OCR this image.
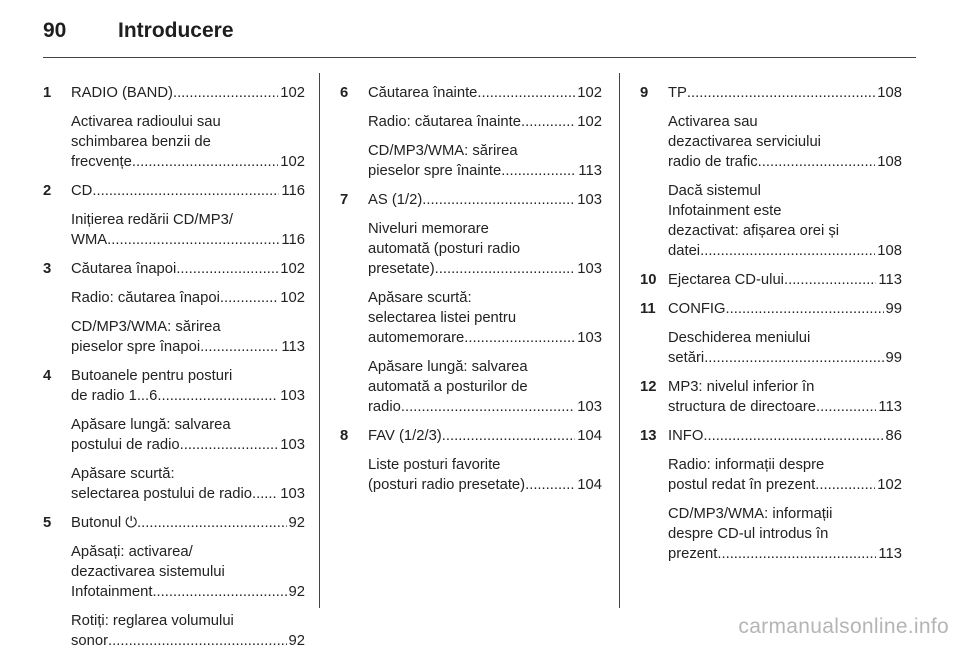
90 Introducere
1 RADIO (BAND) .....	102
Activarea radioului sau
schimbarea benzii de
frecvențe .....	102
2 CD .....	116
Inițierea redării CD/MP3/
WMA .....	116
3 Căutarea înapoi .....	102
Radio: căutarea înapoi .....	102
CD/MP3/WMA: sărirea
pieselor spre înapoi .....	113
4 Butoanele pentru posturi
de radio 1...6 .....	103
Apăsare lungă: salvarea
postului de radio .....	103
Apăsare scurtă:
selectarea postului de radio ..... 103
5 Butonul ⏻ .....	92
Apăsați: activarea/
dezactivarea sistemului
Infotainment .....	92
Rotiți: reglarea volumului
sonor .....	92
6 Căutarea înainte .....	102
Radio: căutarea înainte .....	102
CD/MP3/WMA: sărirea
pieselor spre înainte .....	113
7 AS (1/2) .....	103
Niveluri memorare
automată (posturi radio
presetate) .....	103
Apăsare scurtă:
selectarea listei pentru
automemorare .....	103
Apăsare lungă: salvarea
automată a posturilor de
radio .....	103
8 FAV (1/2/3) .....	104
Liste posturi favorite
(posturi radio presetate) .....	104
9 TP .....	108
Activarea sau
dezactivarea serviciului
radio de trafic .....	108
Dacă sistemul
Infotainment este
dezactivat: afișarea orei și
datei .....	108
10 Ejectarea CD-ului .....	113
11 CONFIG .....	99
Deschiderea meniului
setări .....	99
12 MP3: nivelul inferior în
structura de directoare .....	113
13 INFO .....	86
Radio: informații despre
postul redat în prezent .....	102
CD/MP3/WMA: informații
despre CD-ul introdus în
prezent .....	113
carmanualsonline.info
